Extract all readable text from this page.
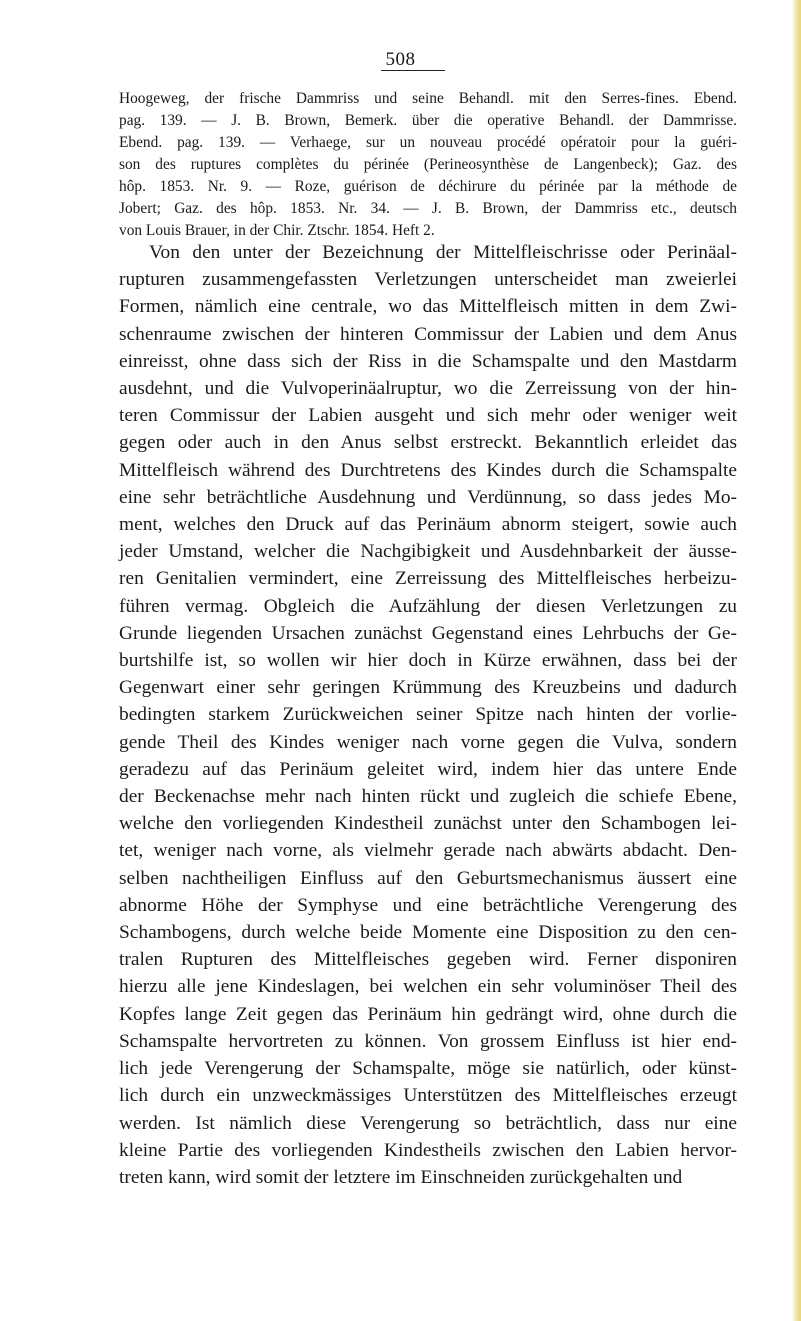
508
Hoogeweg, der frische Dammriss und seine Behandl. mit den Serres-fines. Ebend.
pag. 139. — J. B. Brown, Bemerk. über die operative Behandl. der Dammrisse.
Ebend. pag. 139. — Verhaege, sur un nouveau procédé opératoir pour la guéri-
son des ruptures complètes du périnée (Perineosynthèse de Langenbeck); Gaz. des
hôp. 1853. Nr. 9. — Roze, guérison de déchirure du périnée par la méthode de
Jobert; Gaz. des hôp. 1853. Nr. 34. — J. B. Brown, der Dammriss etc., deutsch
von Louis Brauer, in der Chir. Ztschr. 1854. Heft 2.
Von den unter der Bezeichnung der Mittelfleischrisse oder Perinäal-
rupturen zusammengefassten Verletzungen unterscheidet man zweierlei
Formen, nämlich eine centrale, wo das Mittelfleisch mitten in dem Zwi-
schenraume zwischen der hinteren Commissur der Labien und dem Anus
einreisst, ohne dass sich der Riss in die Schamspalte und den Mastdarm
ausdehnt, und die Vulvoperinäalruptur, wo die Zerreissung von der hin-
teren Commissur der Labien ausgeht und sich mehr oder weniger weit
gegen oder auch in den Anus selbst erstreckt. Bekanntlich erleidet das
Mittelfleisch während des Durchtretens des Kindes durch die Schamspalte
eine sehr beträchtliche Ausdehnung und Verdünnung, so dass jedes Mo-
ment, welches den Druck auf das Perinäum abnorm steigert, sowie auch
jeder Umstand, welcher die Nachgibigkeit und Ausdehnbarkeit der äusse-
ren Genitalien vermindert, eine Zerreissung des Mittelfleisches herbeizu-
führen vermag. Obgleich die Aufzählung der diesen Verletzungen zu
Grunde liegenden Ursachen zunächst Gegenstand eines Lehrbuchs der Ge-
burtshilfe ist, so wollen wir hier doch in Kürze erwähnen, dass bei der
Gegenwart einer sehr geringen Krümmung des Kreuzbeins und dadurch
bedingten starkem Zurückweichen seiner Spitze nach hinten der vorlie-
gende Theil des Kindes weniger nach vorne gegen die Vulva, sondern
geradezu auf das Perinäum geleitet wird, indem hier das untere Ende
der Beckenachse mehr nach hinten rückt und zugleich die schiefe Ebene,
welche den vorliegenden Kindestheil zunächst unter den Schambogen lei-
tet, weniger nach vorne, als vielmehr gerade nach abwärts abdacht. Den-
selben nachtheiligen Einfluss auf den Geburtsmechanismus äussert eine
abnorme Höhe der Symphyse und eine beträchtliche Verengerung des
Schambogens, durch welche beide Momente eine Disposition zu den cen-
tralen Rupturen des Mittelfleisches gegeben wird. Ferner disponiren
hierzu alle jene Kindeslagen, bei welchen ein sehr voluminöser Theil des
Kopfes lange Zeit gegen das Perinäum hin gedrängt wird, ohne durch die
Schamspalte hervortreten zu können. Von grossem Einfluss ist hier end-
lich jede Verengerung der Schamspalte, möge sie natürlich, oder künst-
lich durch ein unzweckmässiges Unterstützen des Mittelfleisches erzeugt
werden. Ist nämlich diese Verengerung so beträchtlich, dass nur eine
kleine Partie des vorliegenden Kindestheils zwischen den Labien hervor-
treten kann, wird somit der letztere im Einschneiden zurückgehalten und
